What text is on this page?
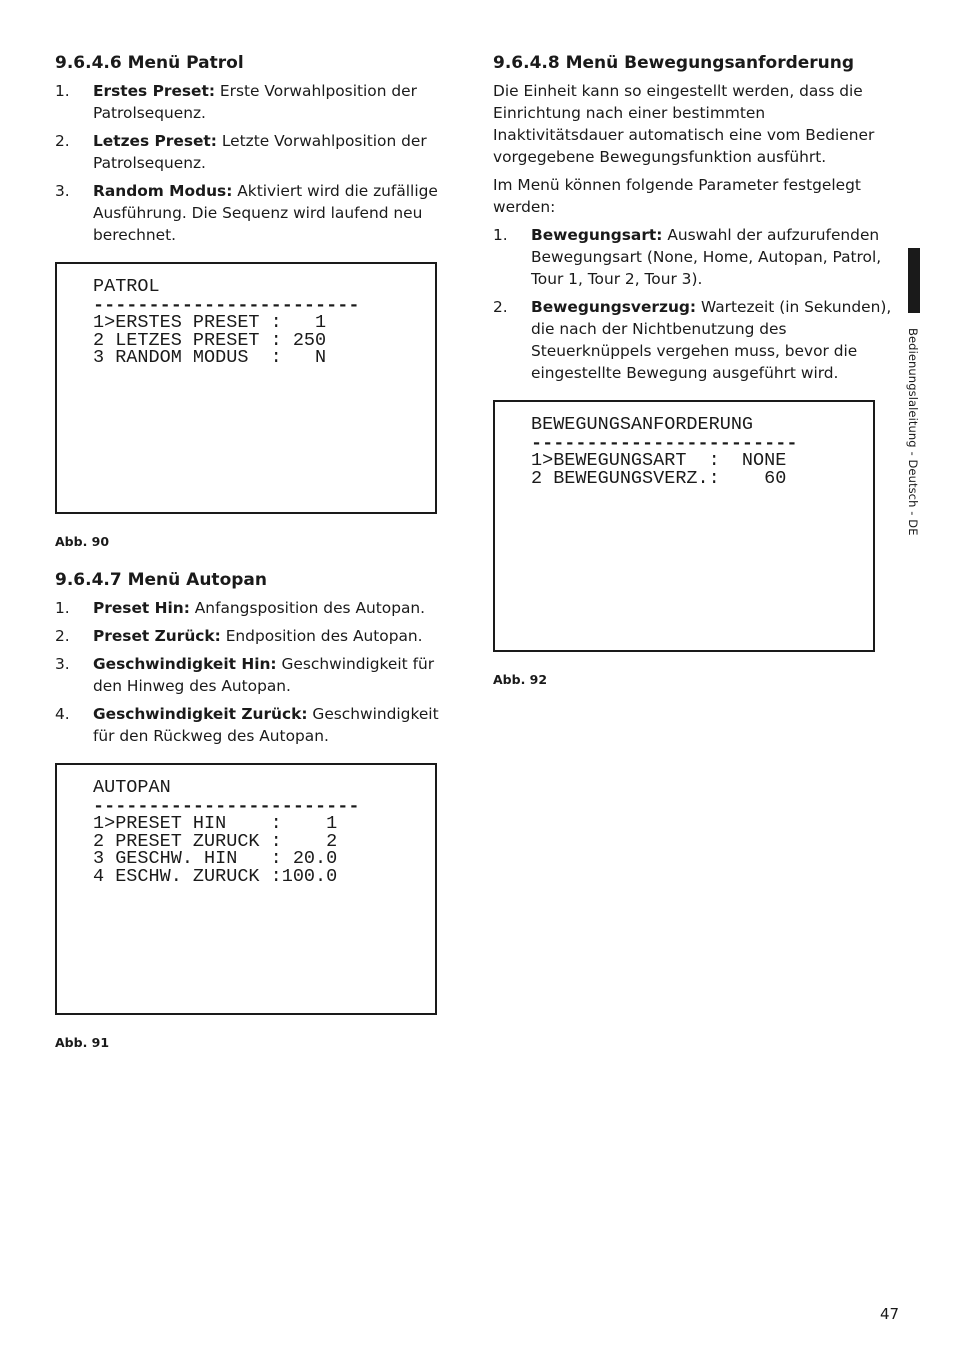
9.6.4.6 Menü Patrol
1. Erstes Preset: Erste Vorwahlposition der Patrolsequenz.
2. Letzes Preset: Letzte Vorwahlposition der Patrolsequenz.
3. Random Modus: Aktiviert wird die zufällige Ausführung. Die Sequenz wird laufend neu berechnet.
PATROL
------------------------
1>ERSTES PRESET :   1
2 LETZES PRESET : 250
3 RANDOM MODUS  :   N
Abb. 90
9.6.4.7 Menü Autopan
1. Preset Hin: Anfangsposition des Autopan.
2. Preset Zurück: Endposition des Autopan.
3. Geschwindigkeit Hin: Geschwindigkeit für den Hinweg des Autopan.
4. Geschwindigkeit Zurück: Geschwindigkeit für den Rückweg des Autopan.
AUTOPAN
------------------------
1>PRESET HIN    :    1
2 PRESET ZURUCK :    2
3 GESCHW. HIN   : 20.0
4 ESCHW. ZURUCK :100.0
Abb. 91
9.6.4.8 Menü Bewegungsanforderung

Die Einheit kann so eingestellt werden, dass die Einrichtung nach einer bestimmten Inaktivitätsdauer automatisch eine vom Bediener vorgegebene Bewegungsfunktion ausführt.

Im Menü können folgende Parameter festgelegt werden:

1. Bewegungsart: Auswahl der aufzurufenden Bewegungsart (None, Home, Autopan, Patrol, Tour 1, Tour 2, Tour 3).
2. Bewegungsverzug: Wartezeit (in Sekunden), die nach der Nichtbenutzung des Steuerknüppels vergehen muss, bevor die eingestellte Bewegung ausgeführt wird.
BEWEGUNGSANFORDERUNG
------------------------
1>BEWEGUNGSART  :  NONE
2 BEWEGUNGSVERZ.:    60
Abb. 92
Bedienungslaleitung - Deutsch - DE
47
